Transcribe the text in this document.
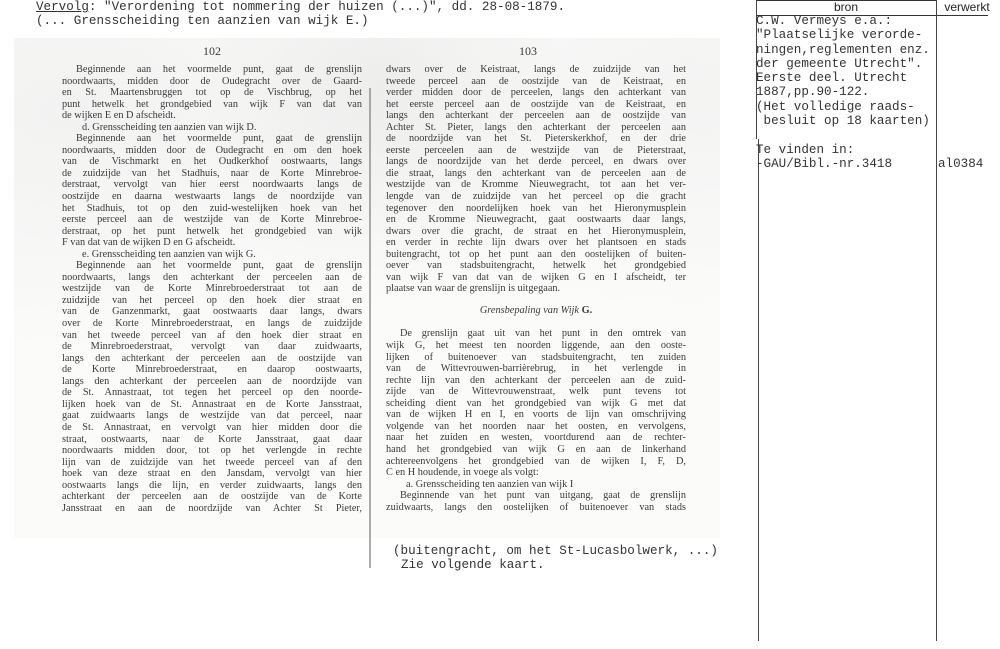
Vervolg: "Verordening tot nommering der huizen (...)", dd. 28-08-1879.
(... Grensscheiding ten aanzien van wijk E.)
102

Beginnende aan het voormelde punt, gaat de grenslijn

noordwaarts, midden door de Oudegracht over de Gaard-

en St. Maartensbruggen tot op de Vischbrug, op het

punt hetwelk het grondgebied van wijk F van dat van

de wijken E en D afscheidt.

d. Grensscheiding ten aanzien van wijk D.

Beginnende aan het voormelde punt, gaat de grenslijn

noordwaarts, midden door de Oudegracht en om den hoek

van de Vischmarkt en het Oudkerkhof oostwaarts, langs

de zuidzijde van het Stadhuis, naar de Korte Minrebroe-

derstraat, vervolgt van hier eerst noordwaarts langs de

oostzijde en daarna westwaarts langs de noordzijde van

het Stadhuis, tot op den zuid-westelijken hoek van het

eerste perceel aan de westzijde van de Korte Minrebroe-

derstraat, op het punt hetwelk het grondgebied van wijk

F van dat van de wijken D en G afscheidt.

e. Grensscheiding ten aanzien van wijk G.

Beginnende aan het voormelde punt, gaat de grenslijn

noordwaarts, langs den achterkant der perceelen aan de

westzijde van de Korte Minrebroederstraat tot aan de

zuidzijde van het perceel op den hoek dier straat en

van de Ganzenmarkt, gaat oostwaarts daar langs, dwars

over de Korte Minrebroederstraat, en langs de zuidzijde

van het tweede perceel van af den hoek dier straat en

de Minrebroederstraat, vervolgt van daar zuidwaarts,

langs den achterkant der perceelen aan de oostzijde van

de Korte Minrebroederstraat, en daarop oostwaarts,

langs den achterkant der perceelen aan de noordzijde van

de St. Annastraat, tot tegen het perceel op den noorde-

lijken hoek van de St. Annastraat en de Korte Jansstraat,

gaat zuidwaarts langs de westzijde van dat perceel, naar

de St. Annastraat, en vervolgt van hier midden door die

straat, oostwaarts, naar de Korte Jansstraat, gaat daar

noordwaarts midden door, tot op het verlengde in rechte

lijn van de zuidzijde van het tweede perceel van af den

hoek van deze straat en den Jansdam, vervolgt van hier

oostwaarts langs die lijn, en verder zuidwaarts, langs den

achterkant der perceelen aan de oostzijde van de Korte

Jansstraat en aan de noordzijde van Achter St Pieter,

103

dwars over de Keistraat, langs de zuidzijde van het

tweede perceel aan de oostzijde van de Keistraat, en

verder midden door de perceelen, langs den achterkant van

het eerste perceel aan de oostzijde van de Keistraat, en

langs den achterkant der perceelen aan de oostzijde van

Achter St. Pieter, langs den achterkant der perceelen aan

de noordzijde van het St. Pieterskerkhof, en der drie

eerste perceelen aan de westzijde van de Pieterstraat,

langs de noordzijde van het derde perceel, en dwars over

die straat, langs den achterkant van de perceelen aan de

westzijde van de Kromme Nieuwegracht, tot aan het ver-

lengde van de zuidzijde van het perceel op die gracht

tegenover den noordelijken hoek van het Hieronymusplein

en de Kromme Nieuwegracht, gaat oostwaarts daar langs,

dwars over die gracht, de straat en het Hieronymusplein,

en verder in rechte lijn dwars over het plantsoen en stads

buitengracht, tot op het punt aan den oostelijken of buiten-

oever van stadsbuitengracht, hetwelk het grondgebied

van wijk F van dat van de wijken G en I afscheidt, ter

plaatse van waar de grenslijn is uitgegaan.

Grensbepaling van Wijk G.

De grenslijn gaat uit van het punt in den omtrek van

wijk G, het meest ten noorden liggende, aan den ooste-

lijken of buitenoever van stadsbuitengracht, ten zuiden

van de Wittevrouwen-barrièrebrug, in het verlengde in

rechte lijn van den achterkant der perceelen aan de zuid-

zijde van de Wittevrouwenstraat, welk punt tevens tot

scheiding dient van het grondgebied van wijk G met dat

van de wijken H en I, en voorts de lijn van omschrijving

volgende van het noorden naar het oosten, en vervolgens,

naar het zuiden en westen, voortdurend aan de rechter-

hand het grondgebied van wijk G en aan de linkerhand

achtereenvolgens het grondgebied van de wijken I, F, D,

C en H houdende, in voege als volgt:

a. Grensscheiding ten aanzien van wijk I

Beginnende van het punt van uitgang, gaat de grenslijn

zuidwaarts, langs den oostelijken of buitenoever van stads

(buitengracht, om het St-Lucasbolwerk, ...)
Zie volgende kaart.
bron	verwerkt
C.W. Vermeys e.a.:
"Plaatselijke verorde-
ningen,reglementen enz.
der gemeente Utrecht".
Eerste deel. Utrecht
1887,pp.90-122.
(Het volledige raads-
besluit op 18 kaarten)

Te vinden in:
-GAU/Bibl.-nr.3418	al0384
